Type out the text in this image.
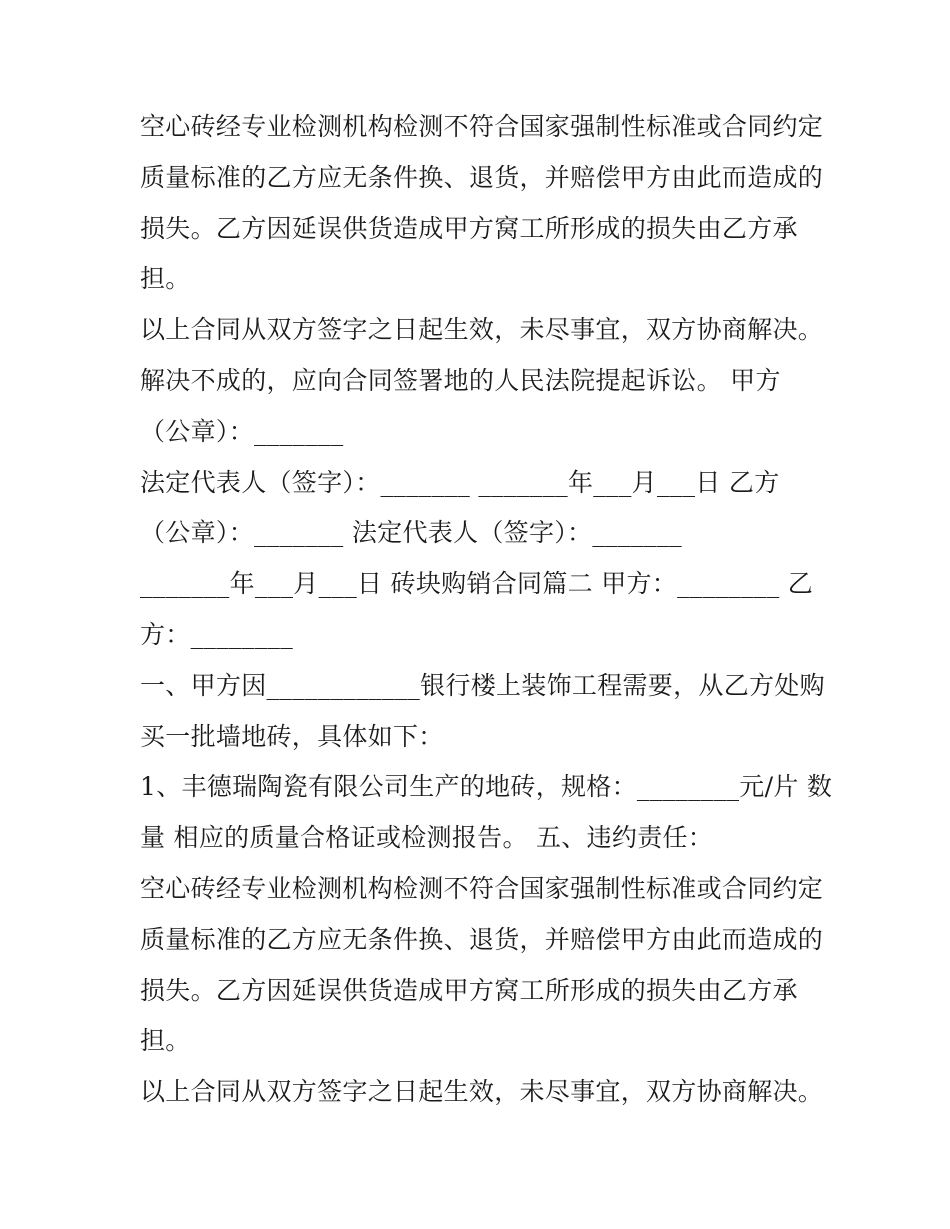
空心砖经专业检测机构检测不符合国家强制性标准或合同约定
质量标准的乙方应无条件换、退货，并赔偿甲方由此而造成的
损失。乙方因延误供货造成甲方窝工所形成的损失由乙方承
担。
以上合同从双方签字之日起生效，未尽事宜，双方协商解决。
解决不成的，应向合同签署地的人民法院提起诉讼。 甲方
（公章）：_______
法定代表人（签字）：_______ _______年___月___日 乙方
（公章）：_______ 法定代表人（签字）：_______
_______年___月___日 砖块购销合同篇二 甲方：________ 乙
方：________
一、甲方因____________银行楼上装饰工程需要，从乙方处购
买一批墙地砖，具体如下：
1、丰德瑞陶瓷有限公司生产的地砖，规格：________元/片 数
量 相应的质量合格证或检测报告。 五、违约责任：
空心砖经专业检测机构检测不符合国家强制性标准或合同约定
质量标准的乙方应无条件换、退货，并赔偿甲方由此而造成的
损失。乙方因延误供货造成甲方窝工所形成的损失由乙方承
担。
以上合同从双方签字之日起生效，未尽事宜，双方协商解决。
